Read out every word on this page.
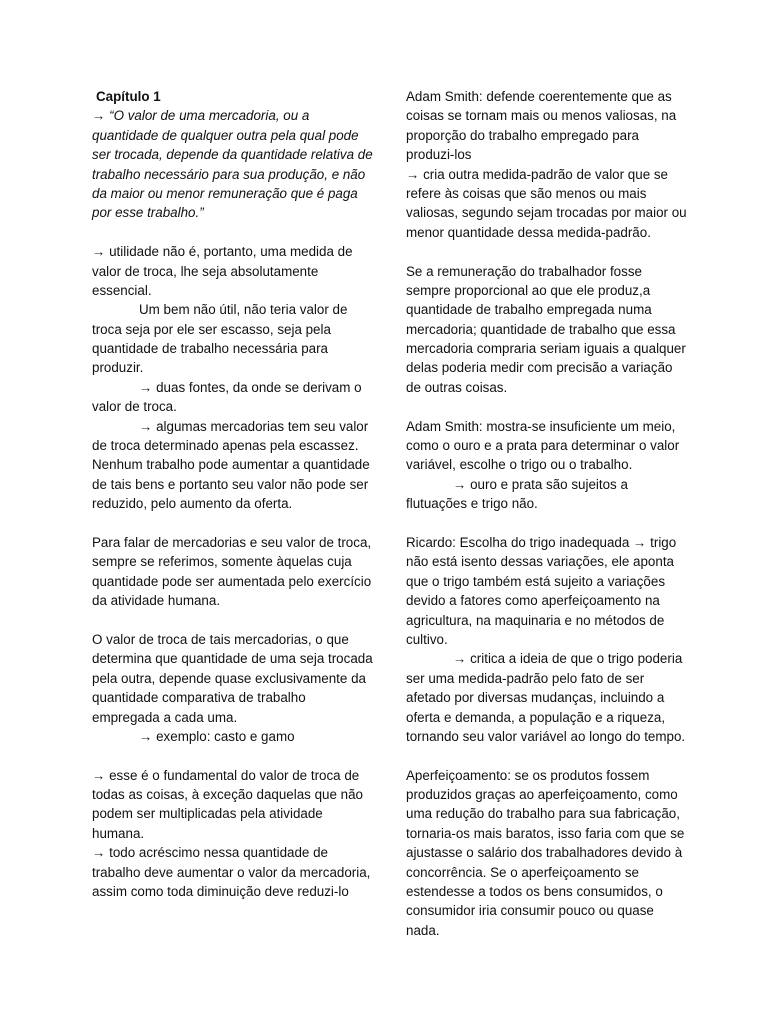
Capítulo 1
→ “O valor de uma mercadoria, ou a
quantidade de qualquer outra pela qual pode
ser trocada, depende da quantidade relativa de
trabalho necessário para sua produção, e não
da maior ou menor remuneração que é paga
por esse trabalho.”
→ utilidade não é, portanto, uma medida de
valor de troca, lhe seja absolutamente
essencial.
Um bem não útil, não teria valor de
troca seja por ele ser escasso, seja pela
quantidade de trabalho necessária para
produzir.
→ duas fontes, da onde se derivam o
valor de troca.
→ algumas mercadorias tem seu valor
de troca determinado apenas pela escassez.
Nenhum trabalho pode aumentar a quantidade
de tais bens e portanto seu valor não pode ser
reduzido, pelo aumento da oferta.
Para falar de mercadorias e seu valor de troca,
sempre se referimos, somente àquelas cuja
quantidade pode ser aumentada pelo exercício
da atividade humana.
O valor de troca de tais mercadorias, o que
determina que quantidade de uma seja trocada
pela outra, depende quase exclusivamente da
quantidade comparativa de trabalho
empregada a cada uma.
→ exemplo: casto e gamo
→ esse é o fundamental do valor de troca de
todas as coisas, à exceção daquelas que não
podem ser multiplicadas pela atividade
humana.
→ todo acréscimo nessa quantidade de
trabalho deve aumentar o valor da mercadoria,
assim como toda diminuição deve reduzi-lo
Adam Smith: defende coerentemente que as
coisas se tornam mais ou menos valiosas, na
proporção do trabalho empregado para
produzi-los
→ cria outra medida-padrão de valor que se
refere às coisas que são menos ou mais
valiosas, segundo sejam trocadas por maior ou
menor quantidade dessa medida-padrão.
Se a remuneração do trabalhador fosse
sempre proporcional ao que ele produz,a
quantidade de trabalho empregada numa
mercadoria; quantidade de trabalho que essa
mercadoria compraria seriam iguais a qualquer
delas poderia medir com precisão a variação
de outras coisas.
Adam Smith: mostra-se insuficiente um meio,
como o ouro e a prata para determinar o valor
variável, escolhe o trigo ou o trabalho.
→ ouro e prata são sujeitos a
flutuações e trigo não.
Ricardo: Escolha do trigo inadequada → trigo
não está isento dessas variações, ele aponta
que o trigo também está sujeito a variações
devido a fatores como aperfeiçoamento na
agricultura, na maquinaria e no métodos de
cultivo.
→ critica a ideia de que o trigo poderia
ser uma medida-padrão pelo fato de ser
afetado por diversas mudanças, incluindo a
oferta e demanda, a população e a riqueza,
tornando seu valor variável ao longo do tempo.
Aperfeiçoamento: se os produtos fossem
produzidos graças ao aperfeiçoamento, como
uma redução do trabalho para sua fabricação,
tornaria-os mais baratos, isso faria com que se
ajustasse o salário dos trabalhadores devido à
concorrência. Se o aperfeiçoamento se
estendesse a todos os bens consumidos, o
consumidor iria consumir pouco ou quase
nada.
